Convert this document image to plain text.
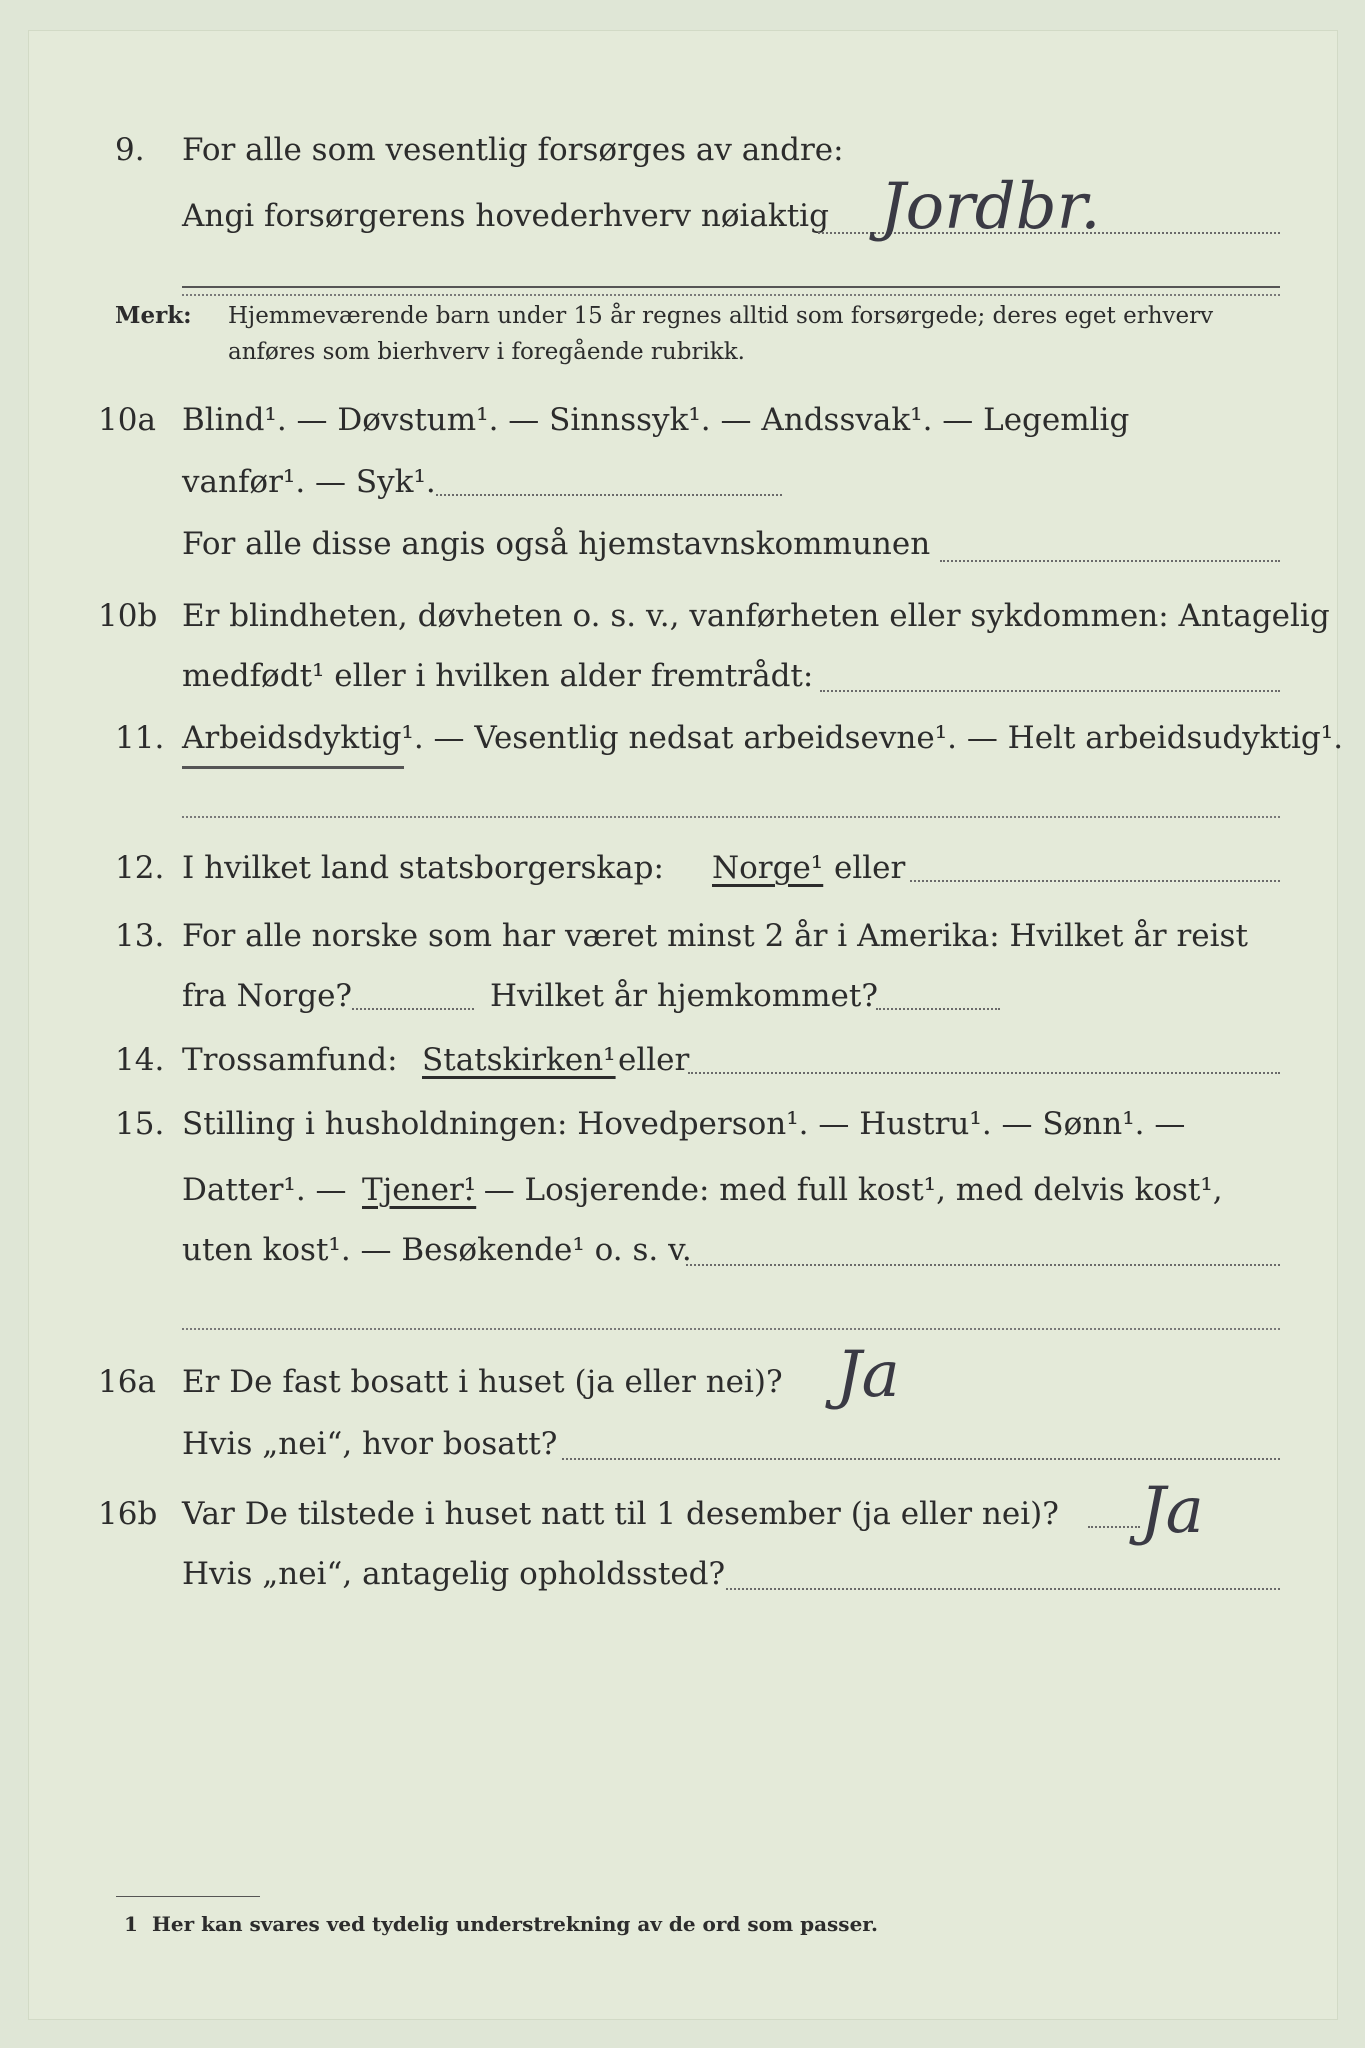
9.	For alle som vesentlig forsørges av andre:
Angi forsørgerens hovederhverv nøiaktig Jordbr.
Merk: Hjemmeværende barn under 15 år regnes alltid som forsørgede; deres eget erhverv
anføres som bierhverv i foregående rubrikk.
10a Blind¹. — Døvstum¹. — Sinnssyk¹. — Andssvak¹. — Legemlig
vanfør¹. — Syk¹.
For alle disse angis også hjemstavnskommunen
10b Er blindheten, døvheten o. s. v., vanførheten eller sykdommen: Antagelig
medfødt¹ eller i hvilken alder fremtrådt:
11. Arbeidsdyktig¹. — Vesentlig nedsat arbeidsevne¹. — Helt arbeidsudyktig¹.
12. I hvilket land statsborgerskap: Norge¹ eller
13. For alle norske som har været minst 2 år i Amerika: Hvilket år reist
fra Norge?	Hvilket år hjemkommet?
14. Trossamfund: Statskirken¹ eller
15. Stilling i husholdningen: Hovedperson¹. — Hustru¹. — Sønn¹. —
Datter¹. — Tjener¹
. — Losjerende: med full kost¹, med delvis kost¹,
uten kost¹. — Besøkende¹ o. s. v.
16a Er De fast bosatt i huset (ja eller nei)? Ja
Hvis „nei“, hvor bosatt?
16b Var De tilstede i huset natt til 1 desember (ja eller nei)? Ja
Hvis „nei“, antagelig opholdssted?
1 Her kan svares ved tydelig understrekning av de ord som passer.
